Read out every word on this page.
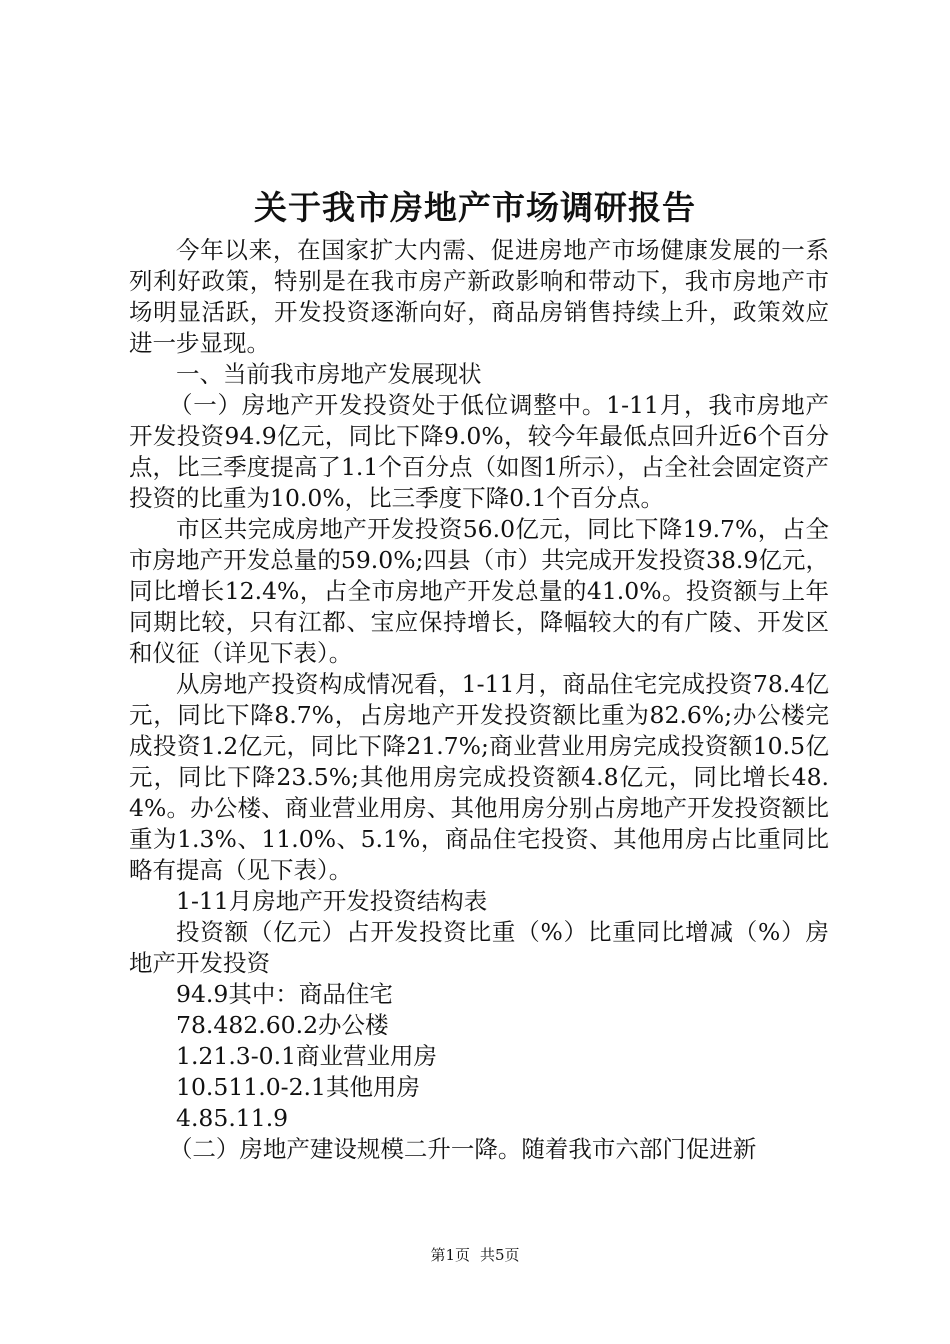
关于我市房地产市场调研报告

今年以来，在国家扩大内需、促进房地产市场健康发展的一系列利好政策，特别是在我市房产新政影响和带动下，我市房地产市场明显活跃，开发投资逐渐向好，商品房销售持续上升，政策效应进一步显现。

一、当前我市房地产发展现状

（一）房地产开发投资处于低位调整中。1-11月，我市房地产开发投资94.9亿元，同比下降9.0%，较今年最低点回升近6个百分点，比三季度提高了1.1个百分点（如图1所示），占全社会固定资产投资的比重为10.0%，比三季度下降0.1个百分点。

市区共完成房地产开发投资56.0亿元，同比下降19.7%，占全市房地产开发总量的59.0%;四县（市）共完成开发投资38.9亿元，同比增长12.4%，占全市房地产开发总量的41.0%。投资额与上年同期比较，只有江都、宝应保持增长，降幅较大的有广陵、开发区和仪征（详见下表）。

从房地产投资构成情况看，1-11月，商品住宅完成投资78.4亿元，同比下降8.7%，占房地产开发投资额比重为82.6%;办公楼完成投资1.2亿元，同比下降21.7%;商业营业用房完成投资额10.5亿元，同比下降23.5%;其他用房完成投资额4.8亿元，同比增长48.4%。办公楼、商业营业用房、其他用房分别占房地产开发投资额比重为1.3%、11.0%、5.1%，商品住宅投资、其他用房占比重同比略有提高（见下表）。

1-11月房地产开发投资结构表

投资额（亿元）占开发投资比重（%）比重同比增减（%）房地产开发投资

94.9其中：商品住宅

78.482.60.2办公楼

1.21.3-0.1商业营业用房

10.511.0-2.1其他用房

4.85.11.9

（二）房地产建设规模二升一降。随着我市六部门促进新

第1页 共5页
